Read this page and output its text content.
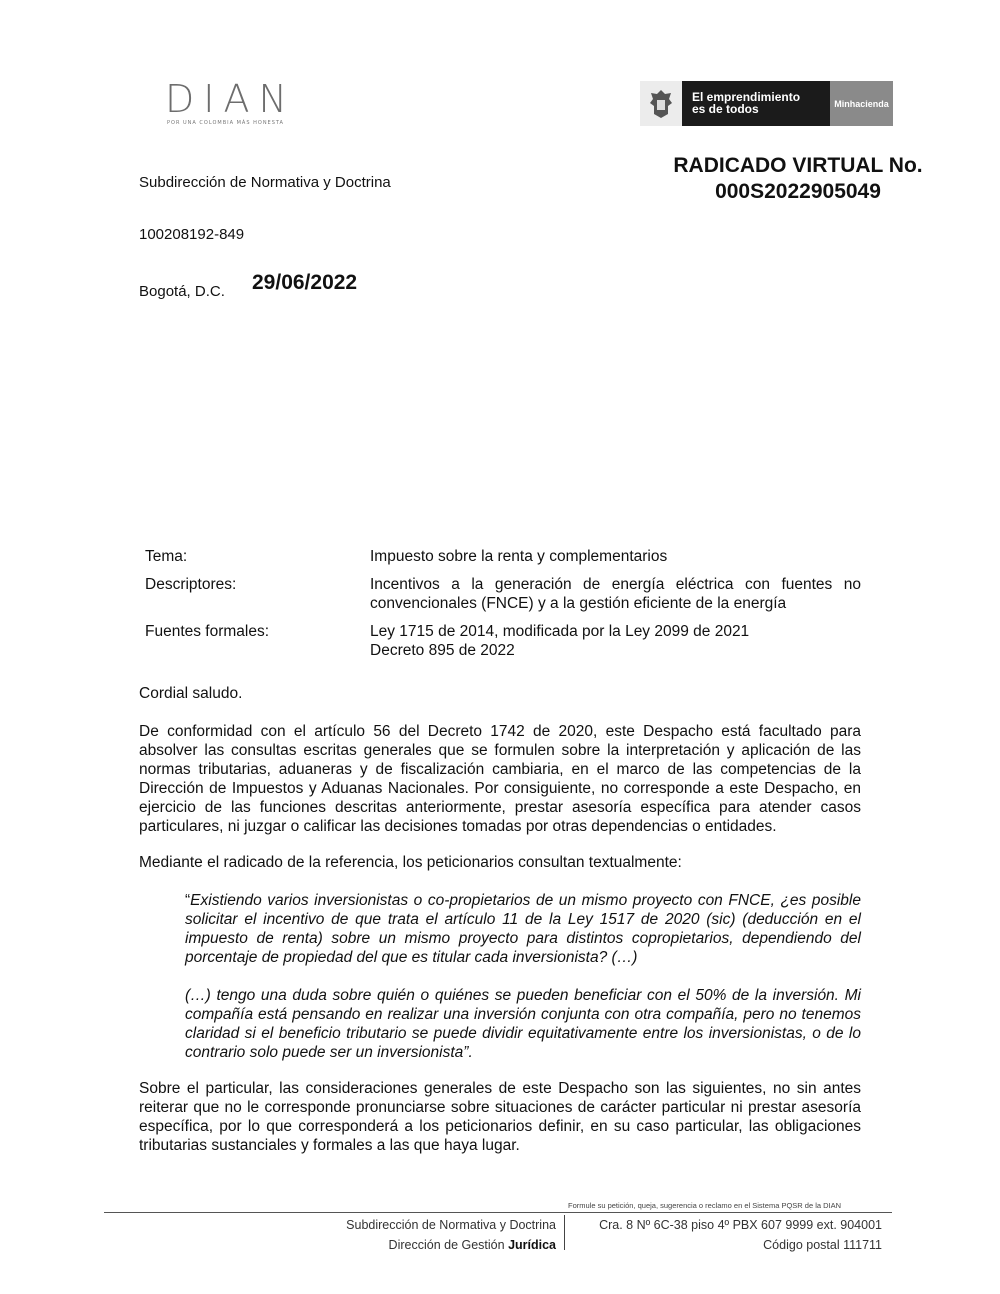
DIAN
POR UNA COLOMBIA MÁS HONESTA
El emprendimiento
es de todos	Minhacienda
Subdirección de Normativa y Doctrina
RADICADO VIRTUAL No.
000S2022905049
100208192-849
Bogotá, D.C. 29/06/2022
Tema:	Impuesto sobre la renta y complementarios
Descriptores:	Incentivos a la generación de energía eléctrica con fuentes no convencionales (FNCE) y a la gestión eficiente de la energía
Fuentes formales:	Ley 1715 de 2014, modificada por la Ley 2099 de 2021
Decreto 895 de 2022

Cordial saludo.

De conformidad con el artículo 56 del Decreto 1742 de 2020, este Despacho está facultado para absolver las consultas escritas generales que se formulen sobre la interpretación y aplicación de las normas tributarias, aduaneras y de fiscalización cambiaria, en el marco de las competencias de la Dirección de Impuestos y Aduanas Nacionales. Por consiguiente, no corresponde a este Despacho, en ejercicio de las funciones descritas anteriormente, prestar asesoría específica para atender casos particulares, ni juzgar o calificar las decisiones tomadas por otras dependencias o entidades.

Mediante el radicado de la referencia, los peticionarios consultan textualmente:

“Existiendo varios inversionistas o co-propietarios de un mismo proyecto con FNCE, ¿es posible solicitar el incentivo de que trata el artículo 11 de la Ley 1517 de 2020 (sic) (deducción en el impuesto de renta) sobre un mismo proyecto para distintos copropietarios, dependiendo del porcentaje de propiedad del que es titular cada inversionista? (…)

(…) tengo una duda sobre quién o quiénes se pueden beneficiar con el 50% de la inversión. Mi compañía está pensando en realizar una inversión conjunta con otra compañía, pero no tenemos claridad si el beneficio tributario se puede dividir equitativamente entre los inversionistas, o de lo contrario solo puede ser un inversionista”.

Sobre el particular, las consideraciones generales de este Despacho son las siguientes, no sin antes reiterar que no le corresponde pronunciarse sobre situaciones de carácter particular ni prestar asesoría específica, por lo que corresponderá a los peticionarios definir, en su caso particular, las obligaciones tributarias sustanciales y formales a las que haya lugar.

Formule su petición, queja, sugerencia o reclamo en el Sistema PQSR de la DIAN
Subdirección de Normativa y Doctrina
Dirección de Gestión Jurídica
Cra. 8 Nº 6C-38 piso 4º PBX 607 9999 ext. 904001
Código postal 111711
